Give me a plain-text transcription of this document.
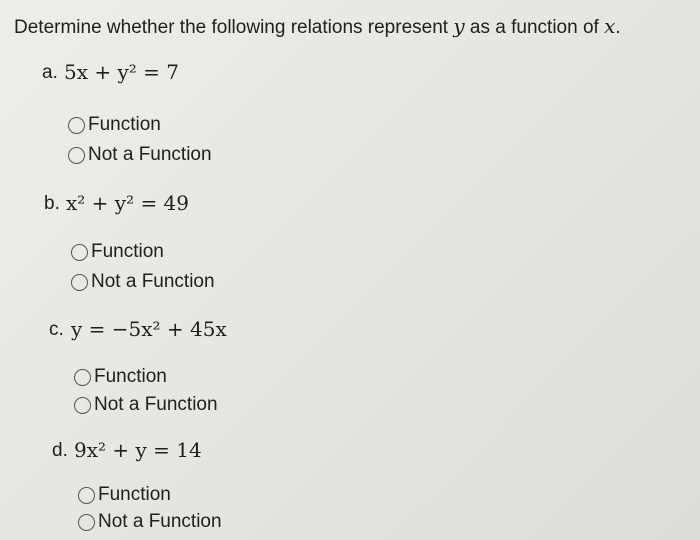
Determine whether the following relations represent y as a function of x.
a. 5x + y² = 7
Function
Not a Function
b. x² + y² = 49
Function
Not a Function
c. y = −5x² + 45x
Function
Not a Function
d. 9x² + y = 14
Function
Not a Function
